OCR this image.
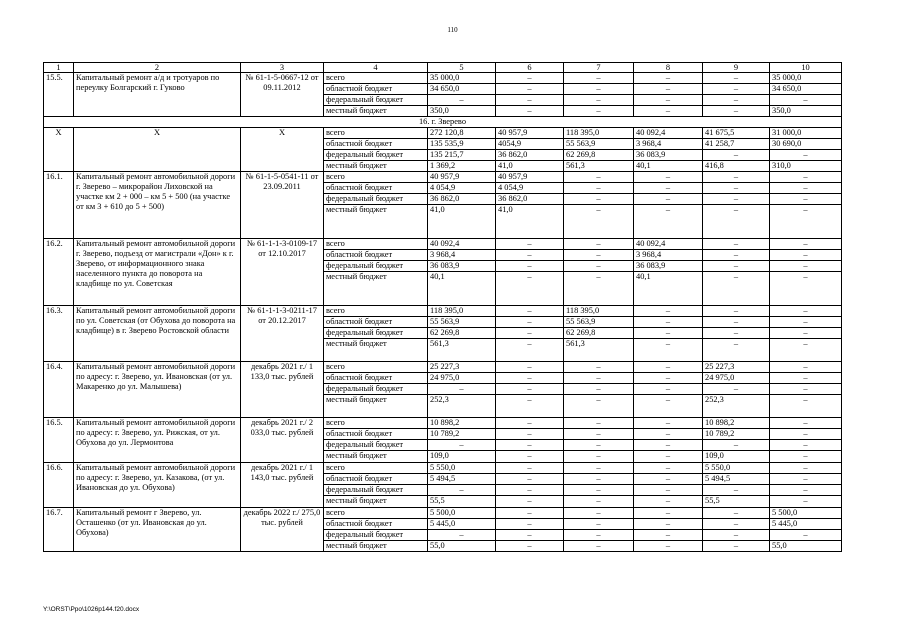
110
1	2	3	4	5	6	7	8	9	10
15.5.	Капитальный ремонт а/д и тротуаров по переулку Болгарский г. Гуково	№ 61-1-5-0667-12 от 09.11.2012	всего	35 000,0	–	–	–	–	35 000,0
			областной бюджет	34 650,0	–	–	–	–	34 650,0
			федеральный бюджет	–	–	–	–	–	–
			местный бюджет	350,0	–	–	–	–	350,0
16. г. Зверево									
Х	Х	Х	всего	272 120,8	40 957,9	118 395,0	40 092,4	41 675,5	31 000,0
			областной бюджет	135 535,9	4054,9	55 563,9	3 968,4	41 258,7	30 690,0
			федеральный бюджет	135 215,7	36 862,0	62 269,8	36 083,9	–	–
			местный бюджет	1 369,2	41,0	561,3	40,1	416,8	310,0
16.1.	Капитальный ремонт автомобильной дороги г. Зверево – микрорайон Лиховской на участке км 2 + 000 – км 5 + 500 (на участке от км 3 + 610 до 5 + 500)	№ 61-1-5-0541-11 от 23.09.2011	всего	40 957,9	40 957,9	–	–	–	–
			областной бюджет	4 054,9	4 054,9	–	–	–	–
			федеральный бюджет	36 862,0	36 862,0	–	–	–	–
			местный бюджет	41,0	41,0	–	–	–	–
16.2.	Капитальный ремонт автомобильной дороги г. Зверево, подъезд от магистрали «Дон» к г. Зверево, от информационного знака населенного пункта до поворота на кладбище по ул. Советская	№ 61-1-1-3-0109-17 от 12.10.2017	всего	40 092,4	–	–	40 092,4	–	–
			областной бюджет	3 968,4	–	–	3 968,4	–	–
			федеральный бюджет	36 083,9	–	–	36 083,9	–	–
			местный бюджет	40,1	–	–	40,1	–	–
16.3.	Капитальный ремонт автомобильной дороги по ул. Советская (от Обухова до поворота на кладбище) в г. Зверево Ростовской области	№ 61-1-1-3-0211-17 от 20.12.2017	всего	118 395,0	–	118 395,0	–	–	–
			областной бюджет	55 563,9	–	55 563,9	–	–	–
			федеральный бюджет	62 269,8	–	62 269,8	–	–	–
			местный бюджет	561,3	–	561,3	–	–	–
16.4.	Капитальный ремонт автомобильной дороги по адресу: г. Зверево, ул. Ивановская (от ул. Макаренко до ул. Малышева)	декабрь 2021 г./ 1 133,0 тыс. рублей	всего	25 227,3	–	–	–	25 227,3	–
			областной бюджет	24 975,0	–	–	–	24 975,0	–
			федеральный бюджет	–	–	–	–	–	–
			местный бюджет	252,3	–	–	–	252,3	–
16.5.	Капитальный ремонт автомобильной дороги по адресу: г. Зверево, ул. Рижская, от ул. Обухова до ул. Лермонтова	декабрь 2021 г./ 2 033,0 тыс. рублей	всего	10 898,2	–	–	–	10 898,2	–
			областной бюджет	10 789,2	–	–	–	10 789,2	–
			федеральный бюджет	–	–	–	–	–	–
			местный бюджет	109,0	–	–	–	109,0	–
16.6.	Капитальный ремонт автомобильной дороги по адресу: г. Зверево, ул. Казакова, (от ул. Ивановская до ул. Обухова)	декабрь 2021 г./ 1 143,0 тыс. рублей	всего	5 550,0	–	–	–	5 550,0	–
			областной бюджет	5 494,5	–	–	–	5 494,5	–
			федеральный бюджет	–	–	–	–	–	–
			местный бюджет	55,5	–	–	–	55,5	–
16.7.	Капитальный ремонт г Зверево, ул. Осташенко (от ул. Ивановская до ул. Обухова)	декабрь 2022 г./ 275,0 тыс. рублей	всего	5 500,0	–	–	–	–	5 500,0
			областной бюджет	5 445,0	–	–	–	–	5 445,0
			федеральный бюджет	–	–	–	–	–	–
			местный бюджет	55,0	–	–	–	–	55,0
Y:\ORST\Ppo\1026p144.f20.docx
